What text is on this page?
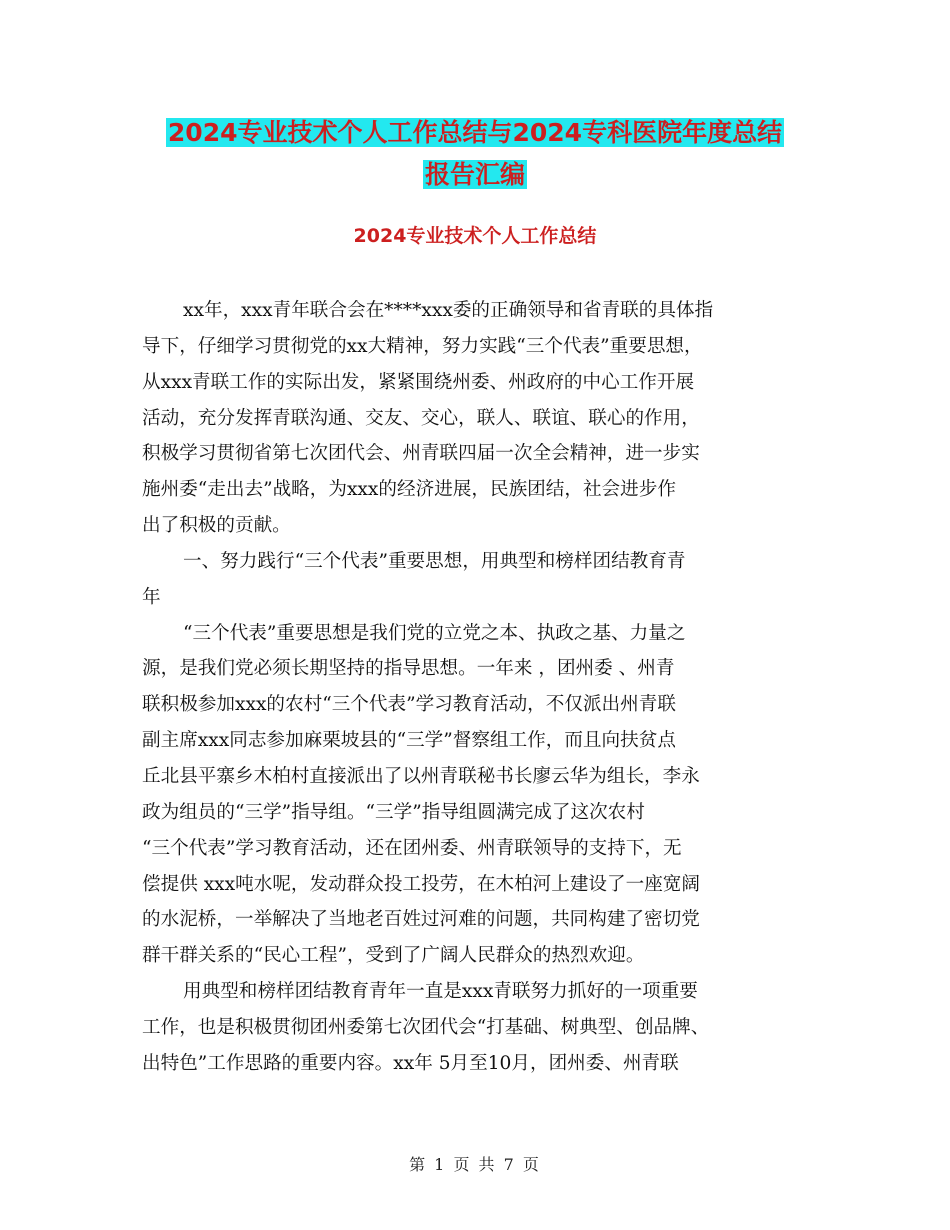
2024专业技术个人工作总结与2024专科医院年度总结
报告汇编
2024专业技术个人工作总结
xx年，xxx青年联合会在****xxx委的正确领导和省青联的具体指
导下，仔细学习贯彻党的xx大精神，努力实践“三个代表”重要思想，
从xxx青联工作的实际出发，紧紧围绕州委、州政府的中心工作开展
活动，充分发挥青联沟通、交友、交心，联人、联谊、联心的作用，
积极学习贯彻省第七次团代会、州青联四届一次全会精神，进一步实
施州委“走出去”战略，为xxx的经济进展，民族团结，社会进步作
出了积极的贡献。
一、努力践行“三个代表”重要思想，用典型和榜样团结教育青
年
“三个代表”重要思想是我们党的立党之本、执政之基、力量之
源，是我们党必须长期坚持的指导思想。一年来 ，团州委 、州青
联积极参加xxx的农村“三个代表”学习教育活动，不仅派出州青联
副主席xxx同志参加麻栗坡县的“三学”督察组工作，而且向扶贫点
丘北县平寨乡木柏村直接派出了以州青联秘书长廖云华为组长，李永
政为组员的“三学”指导组。“三学”指导组圆满完成了这次农村
“三个代表”学习教育活动，还在团州委、州青联领导的支持下，无
偿提供 xxx吨水呢，发动群众投工投劳，在木柏河上建设了一座宽阔
的水泥桥，一举解决了当地老百姓过河难的问题，共同构建了密切党
群干群关系的“民心工程”，受到了广阔人民群众的热烈欢迎。
用典型和榜样团结教育青年一直是xxx青联努力抓好的一项重要
工作，也是积极贯彻团州委第七次团代会“打基础、树典型、创品牌、
出特色”工作思路的重要内容。xx年 5月至10月，团州委、州青联
第 1 页 共 7 页
